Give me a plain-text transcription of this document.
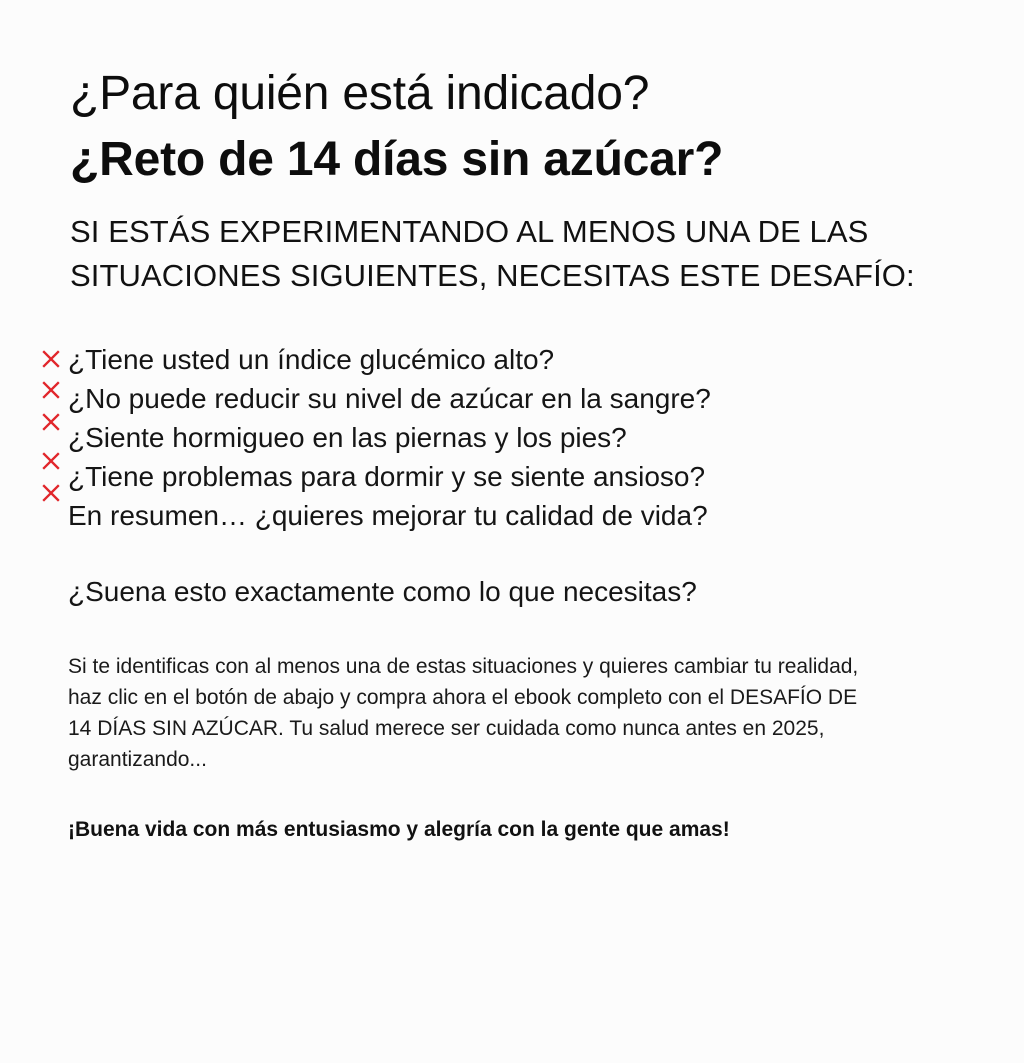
¿Para quién está indicado?
¿Reto de 14 días sin azúcar?
SI ESTÁS EXPERIMENTANDO AL MENOS UNA DE LAS
SITUACIONES SIGUIENTES, NECESITAS ESTE DESAFÍO:
¿Tiene usted un índice glucémico alto?
¿No puede reducir su nivel de azúcar en la sangre?
¿Siente hormigueo en las piernas y los pies?
¿Tiene problemas para dormir y se siente ansioso?
En resumen… ¿quieres mejorar tu calidad de vida?
¿Suena esto exactamente como lo que necesitas?
Si te identificas con al menos una de estas situaciones y quieres cambiar tu realidad,
haz clic en el botón de abajo y compra ahora el ebook completo con el DESAFÍO DE
14 DÍAS SIN AZÚCAR. Tu salud merece ser cuidada como nunca antes en 2025,
garantizando...
¡Buena vida con más entusiasmo y alegría con la gente que amas!
